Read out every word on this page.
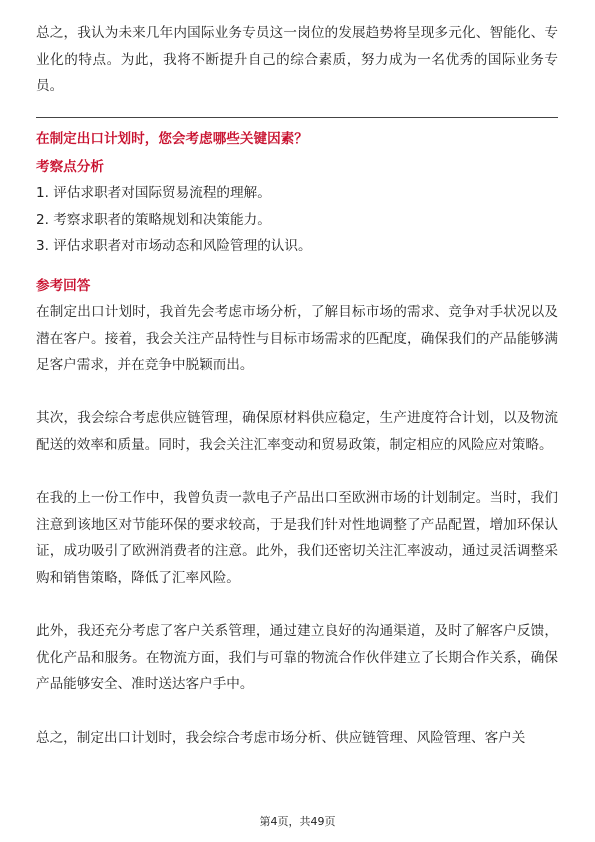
总之，我认为未来几年内国际业务专员这一岗位的发展趋势将呈现多元化、智能化、专业化的特点。为此，我将不断提升自己的综合素质，努力成为一名优秀的国际业务专员。

在制定出口计划时，您会考虑哪些关键因素？
考察点分析
1. 评估求职者对国际贸易流程的理解。
2. 考察求职者的策略规划和决策能力。
3. 评估求职者对市场动态和风险管理的认识。
参考回答

在制定出口计划时，我首先会考虑市场分析，了解目标市场的需求、竞争对手状况以及潜在客户。接着，我会关注产品特性与目标市场需求的匹配度，确保我们的产品能够满足客户需求，并在竞争中脱颖而出。

其次，我会综合考虑供应链管理，确保原材料供应稳定，生产进度符合计划，以及物流配送的效率和质量。同时，我会关注汇率变动和贸易政策，制定相应的风险应对策略。

在我的上一份工作中，我曾负责一款电子产品出口至欧洲市场的计划制定。当时，我们注意到该地区对节能环保的要求较高，于是我们针对性地调整了产品配置，增加环保认证，成功吸引了欧洲消费者的注意。此外，我们还密切关注汇率波动，通过灵活调整采购和销售策略，降低了汇率风险。

此外，我还充分考虑了客户关系管理，通过建立良好的沟通渠道，及时了解客户反馈，优化产品和服务。在物流方面，我们与可靠的物流合作伙伴建立了长期合作关系，确保产品能够安全、准时送达客户手中。

总之，制定出口计划时，我会综合考虑市场分析、供应链管理、风险管理、客户关

第4页，共49页
